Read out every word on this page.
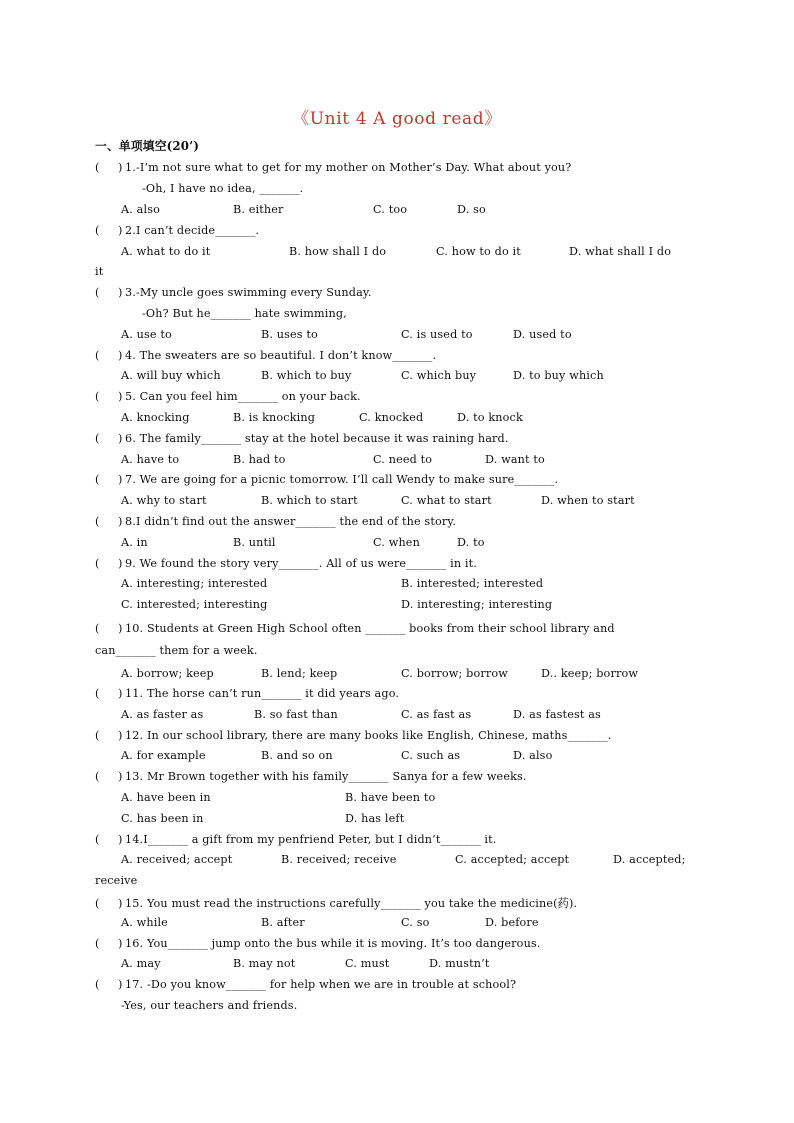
《Unit 4 A good read》
一、单项填空(20’)
(     ) 1.-I’m not sure what to get for my mother on Mother’s Day. What about you?
-Oh, I have no idea, _______.
A. also	B. either	C. too	D. so
(     ) 2.I can’t decide_______.
A. what to do it	B. how shall I do	C. how to do it	D. what shall I do
it
(     ) 3.-My uncle goes swimming every Sunday.
-Oh? But he_______ hate swimming,
A. use to	B. uses to	C. is used to	D. used to
(     ) 4. The sweaters are so beautiful. I don’t know_______.
A. will buy which	B. which to buy	C. which buy	D. to buy which
(     ) 5. Can you feel him_______ on your back.
A. knocking	B. is knocking	C. knocked	D. to knock
(     ) 6. The family_______ stay at the hotel because it was raining hard.
A. have to	B. had to	C. need to	D. want to
(     ) 7. We are going for a picnic tomorrow. I’ll call Wendy to make sure_______.
A. why to start	B. which to start	C. what to start	D. when to start
(     ) 8.I didn’t find out the answer_______ the end of the story.
A. in	B. until	C. when	D. to
(     ) 9. We found the story very_______. All of us were_______ in it.
A. interesting; interested	B. interested; interested
C. interested; interesting	D. interesting; interesting
(     ) 10. Students at Green High School often _______ books from their school library and
can_______ them for a week.
A. borrow; keep	B. lend; keep	C. borrow; borrow	D.. keep; borrow
(     ) 11. The horse can’t run_______ it did years ago.
A. as faster as	B. so fast than	C. as fast as	D. as fastest as
(     ) 12. In our school library, there are many books like English, Chinese, maths_______.
A. for example	B. and so on	C. such as	D. also
(     ) 13. Mr Brown together with his family_______ Sanya for a few weeks.
A. have been in	B. have been to
C. has been in	D. has left
(     ) 14.I_______ a gift from my penfriend Peter, but I didn’t_______ it.
A. received; accept	B. received; receive	C. accepted; accept	D. accepted;
receive
(     ) 15. You must read the instructions carefully_______ you take the medicine(药).
A. while	B. after	C. so	D. before
(     ) 16. You_______ jump onto the bus while it is moving. It’s too dangerous.
A. may	B. may not	C. must	D. mustn’t
(     ) 17. -Do you know_______ for help when we are in trouble at school?
-Yes, our teachers and friends.
